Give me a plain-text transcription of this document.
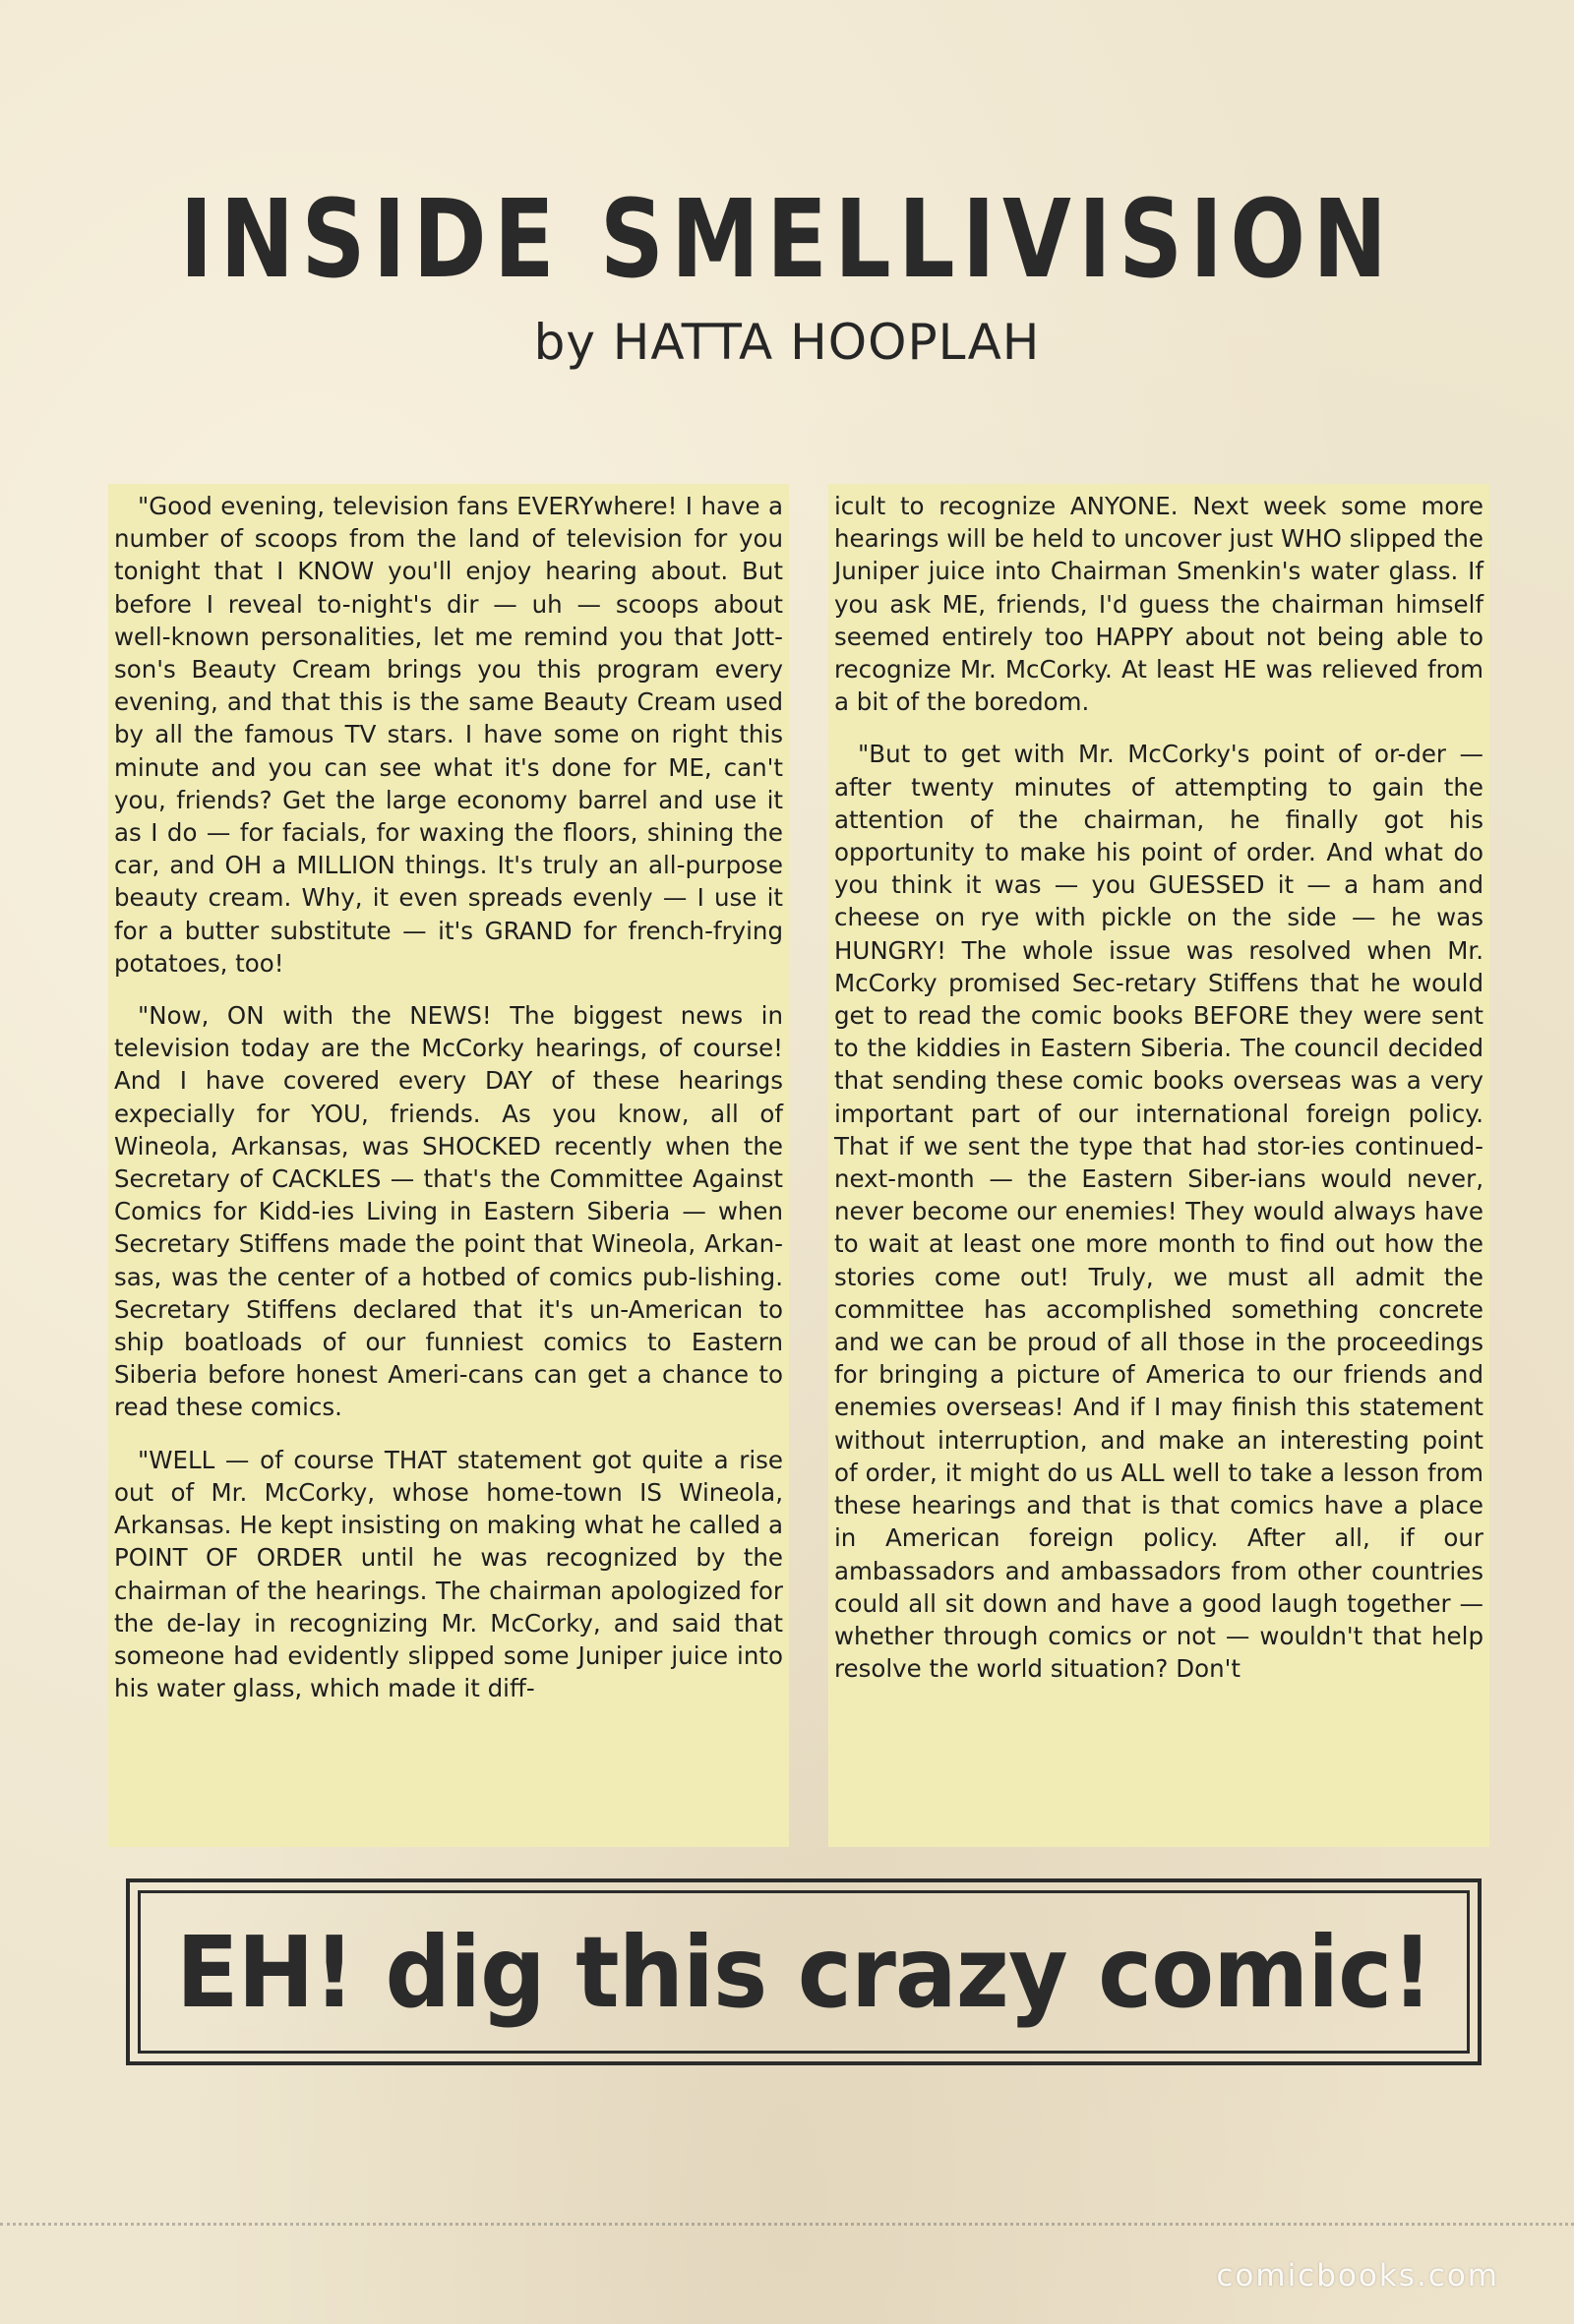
INSIDE SMELLIVISION
by HATTA HOOPLAH

"Good evening, television fans EVERYwhere! I have a number of scoops from the land of television for you tonight that I KNOW you'll enjoy hearing about. But before I reveal to-night's dir — uh — scoops about well-known personalities, let me remind you that Jott-son's Beauty Cream brings you this program every evening, and that this is the same Beauty Cream used by all the famous TV stars. I have some on right this minute and you can see what it's done for ME, can't you, friends? Get the large economy barrel and use it as I do — for facials, for waxing the floors, shining the car, and OH a MILLION things. It's truly an all-purpose beauty cream. Why, it even spreads evenly — I use it for a butter substitute — it's GRAND for french-frying potatoes, too!

"Now, ON with the NEWS! The biggest news in television today are the McCorky hearings, of course! And I have covered every DAY of these hearings expecially for YOU, friends. As you know, all of Wineola, Arkansas, was SHOCKED recently when the Secretary of CACKLES — that's the Committee Against Comics for Kidd-ies Living in Eastern Siberia — when Secretary Stiffens made the point that Wineola, Arkan-sas, was the center of a hotbed of comics pub-lishing. Secretary Stiffens declared that it's un-American to ship boatloads of our funniest comics to Eastern Siberia before honest Ameri-cans can get a chance to read these comics.

"WELL — of course THAT statement got quite a rise out of Mr. McCorky, whose home-town IS Wineola, Arkansas. He kept insisting on making what he called a POINT OF ORDER until he was recognized by the chairman of the hearings. The chairman apologized for the de-lay in recognizing Mr. McCorky, and said that someone had evidently slipped some Juniper juice into his water glass, which made it diff-

icult to recognize ANYONE. Next week some more hearings will be held to uncover just WHO slipped the Juniper juice into Chairman Smenkin's water glass. If you ask ME, friends, I'd guess the chairman himself seemed entirely too HAPPY about not being able to recognize Mr. McCorky. At least HE was relieved from a bit of the boredom.

"But to get with Mr. McCorky's point of or-der — after twenty minutes of attempting to gain the attention of the chairman, he finally got his opportunity to make his point of order. And what do you think it was — you GUESSED it — a ham and cheese on rye with pickle on the side — he was HUNGRY! The whole issue was resolved when Mr. McCorky promised Sec-retary Stiffens that he would get to read the comic books BEFORE they were sent to the kiddies in Eastern Siberia. The council decided that sending these comic books overseas was a very important part of our international foreign policy. That if we sent the type that had stor-ies continued-next-month — the Eastern Siber-ians would never, never become our enemies! They would always have to wait at least one more month to find out how the stories come out! Truly, we must all admit the committee has accomplished something concrete and we can be proud of all those in the proceedings for bringing a picture of America to our friends and enemies overseas! And if I may finish this statement without interruption, and make an interesting point of order, it might do us ALL well to take a lesson from these hearings and that is that comics have a place in American foreign policy. After all, if our ambassadors and ambassadors from other countries could all sit down and have a good laugh together — whether through comics or not — wouldn't that help resolve the world situation? Don't

EH! dig this crazy comic!
comicbooks.com
